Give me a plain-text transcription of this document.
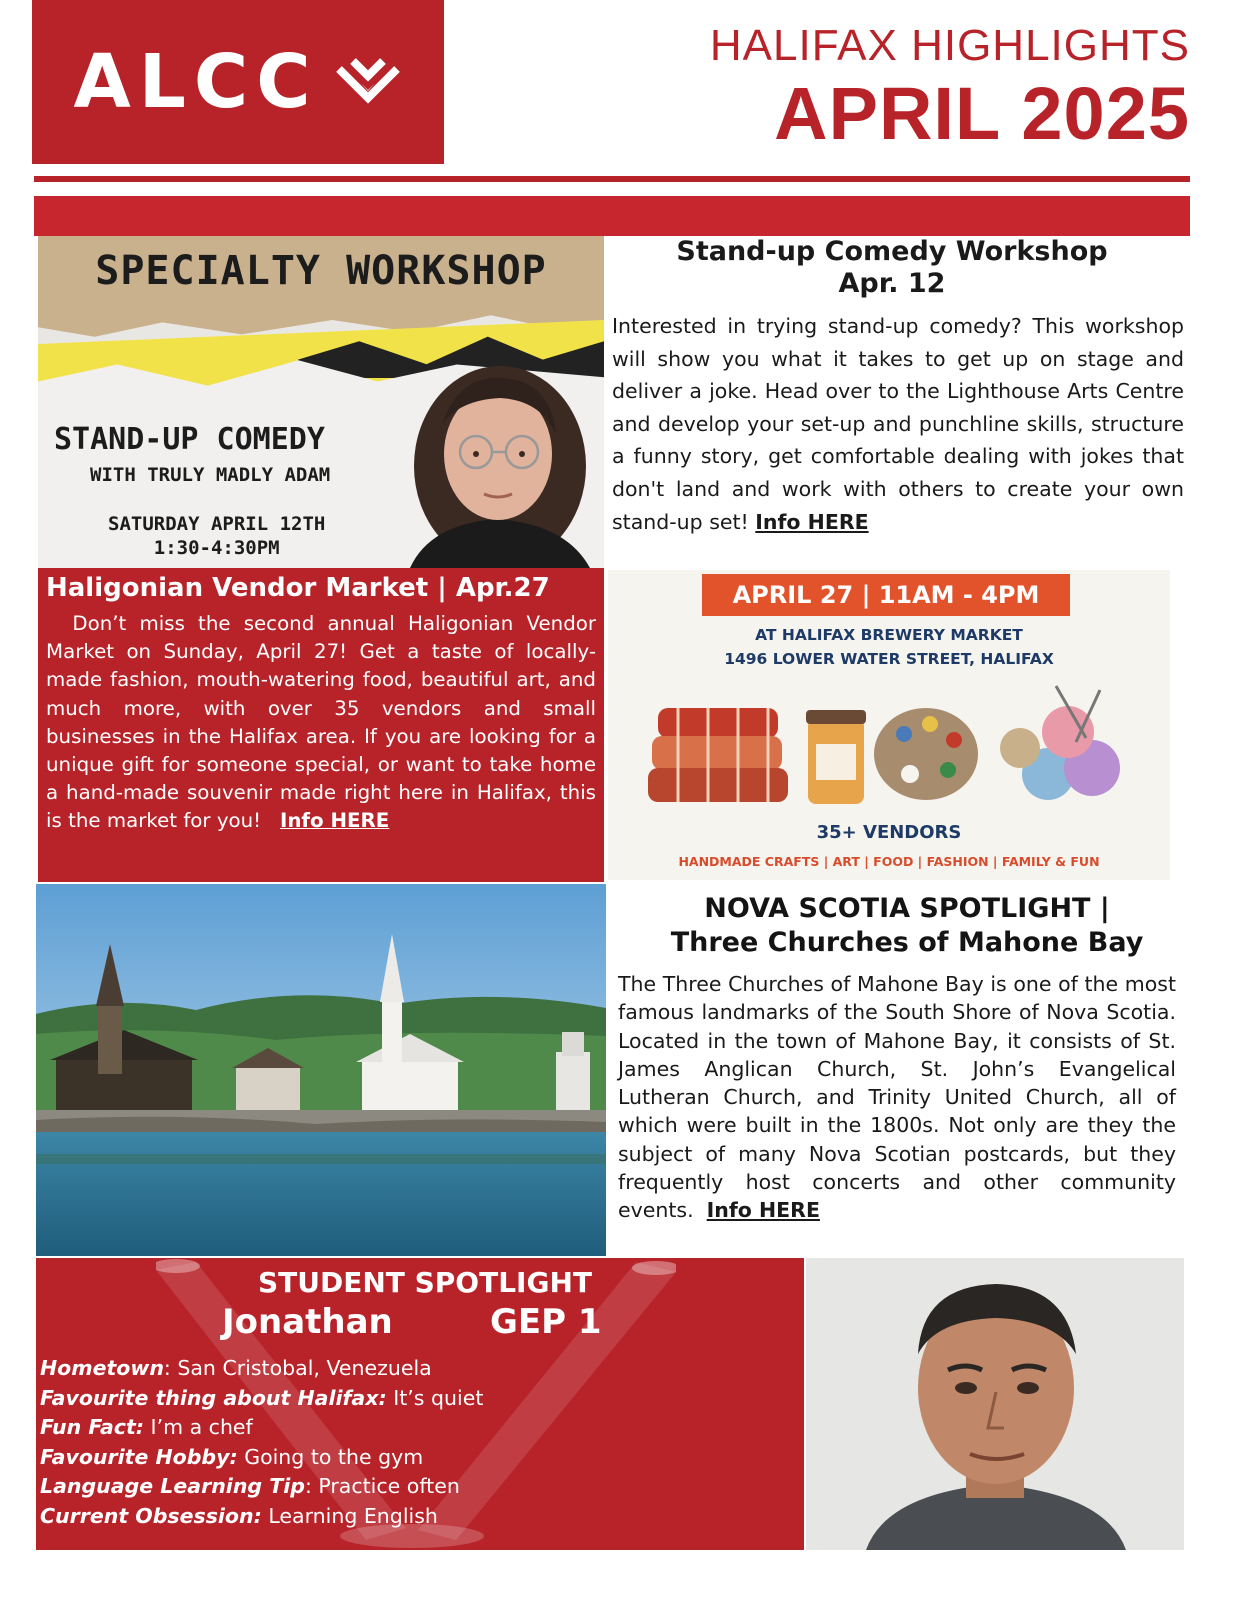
ALCC	HALIFAX HIGHLIGHTS
APRIL 2025
SPECIALTY WORKSHOP
STAND-UP COMEDY
WITH TRULY MADLY ADAM
SATURDAY APRIL 12TH
1:30-4:30PM
Stand-up Comedy Workshop
Apr. 12
Interested in trying stand-up comedy? This workshop will show you what it takes to get up on stage and deliver a joke. Head over to the Lighthouse Arts Centre and develop your set-up and punchline skills, structure a funny story, get comfortable dealing with jokes that don't land and work with others to create your own stand-up set! Info HERE
Haligonian Vendor Market | Apr.27
Don’t miss the second annual Haligonian Vendor Market on Sunday, April 27! Get a taste of locally-made fashion, mouth-watering food, beautiful art, and much more, with over 35 vendors and small businesses in the Halifax area. If you are looking for a unique gift for someone special, or want to take home a hand-made souvenir made right here in Halifax, this is the market for you! Info HERE
APRIL 27 | 11AM - 4PM
AT HALIFAX BREWERY MARKET
1496 LOWER WATER STREET, HALIFAX
35+ VENDORS
HANDMADE CRAFTS | ART | FOOD | FASHION | FAMILY & FUN
NOVA SCOTIA SPOTLIGHT |
Three Churches of Mahone Bay
The Three Churches of Mahone Bay is one of the most famous landmarks of the South Shore of Nova Scotia. Located in the town of Mahone Bay, it consists of St. James Anglican Church, St. John’s Evangelical Lutheran Church, and Trinity United Church, all of which were built in the 1800s. Not only are they the subject of many Nova Scotian postcards, but they frequently host concerts and other community events. Info HERE
STUDENT SPOTLIGHT
Jonathan	GEP 1
Hometown: San Cristobal, Venezuela
Favourite thing about Halifax: It’s quiet
Fun Fact: I’m a chef
Favourite Hobby: Going to the gym
Language Learning Tip: Practice often
Current Obsession: Learning English
